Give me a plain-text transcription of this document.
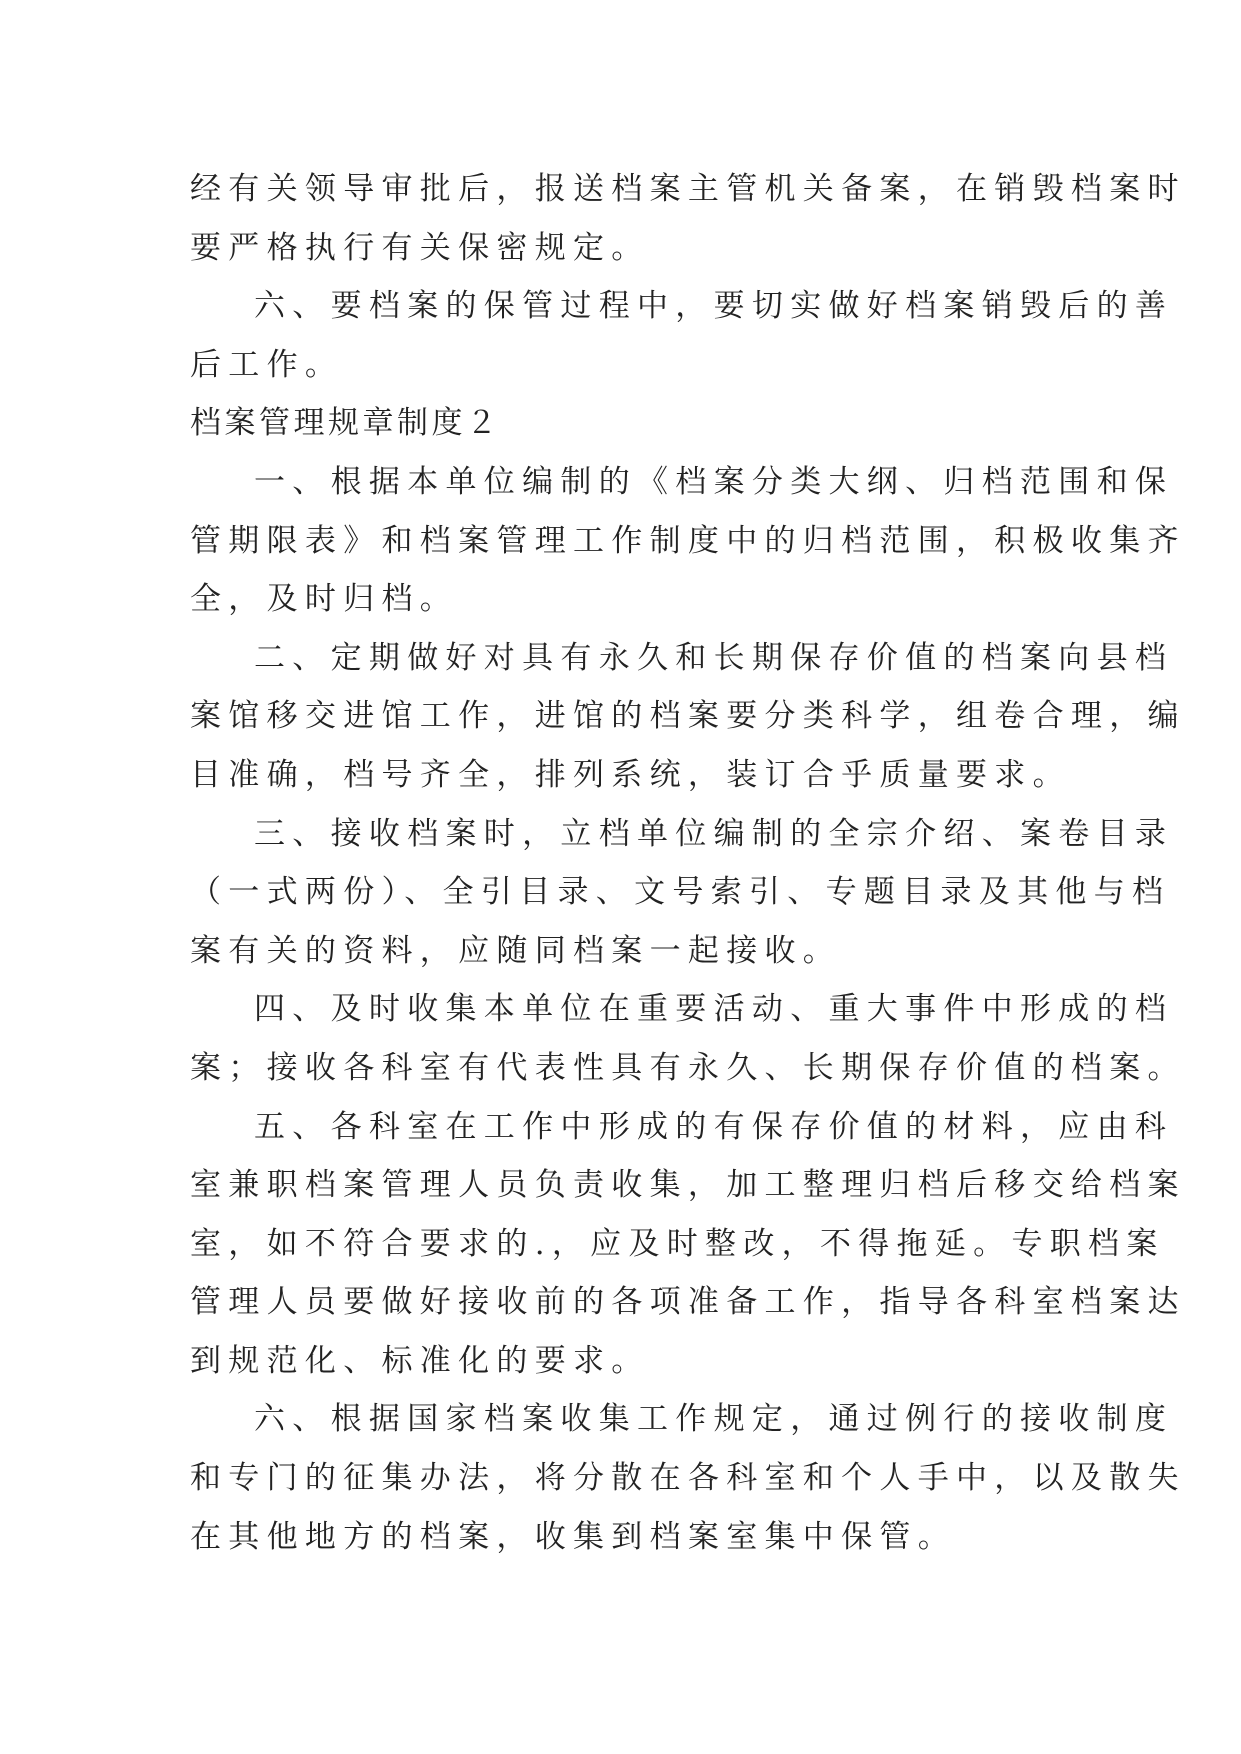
经有关领导审批后，报送档案主管机关备案，在销毁档案时

要严格执行有关保密规定。

六、要档案的保管过程中，要切实做好档案销毁后的善

后工作。

档案管理规章制度２

一、根据本单位编制的《档案分类大纲、归档范围和保

管期限表》和档案管理工作制度中的归档范围，积极收集齐

全，及时归档。

二、定期做好对具有永久和长期保存价值的档案向县档

案馆移交进馆工作，进馆的档案要分类科学，组卷合理，编

目准确，档号齐全，排列系统，装订合乎质量要求。

三、接收档案时，立档单位编制的全宗介绍、案卷目录

（一式两份）、全引目录、文号索引、专题目录及其他与档

案有关的资料，应随同档案一起接收。

四、及时收集本单位在重要活动、重大事件中形成的档

案；接收各科室有代表性具有永久、长期保存价值的档案。

五、各科室在工作中形成的有保存价值的材料，应由科

室兼职档案管理人员负责收集，加工整理归档后移交给档案

室，如不符合要求的.，应及时整改，不得拖延。专职档案

管理人员要做好接收前的各项准备工作，指导各科室档案达

到规范化、标准化的要求。

六、根据国家档案收集工作规定，通过例行的接收制度

和专门的征集办法，将分散在各科室和个人手中，以及散失

在其他地方的档案，收集到档案室集中保管。
